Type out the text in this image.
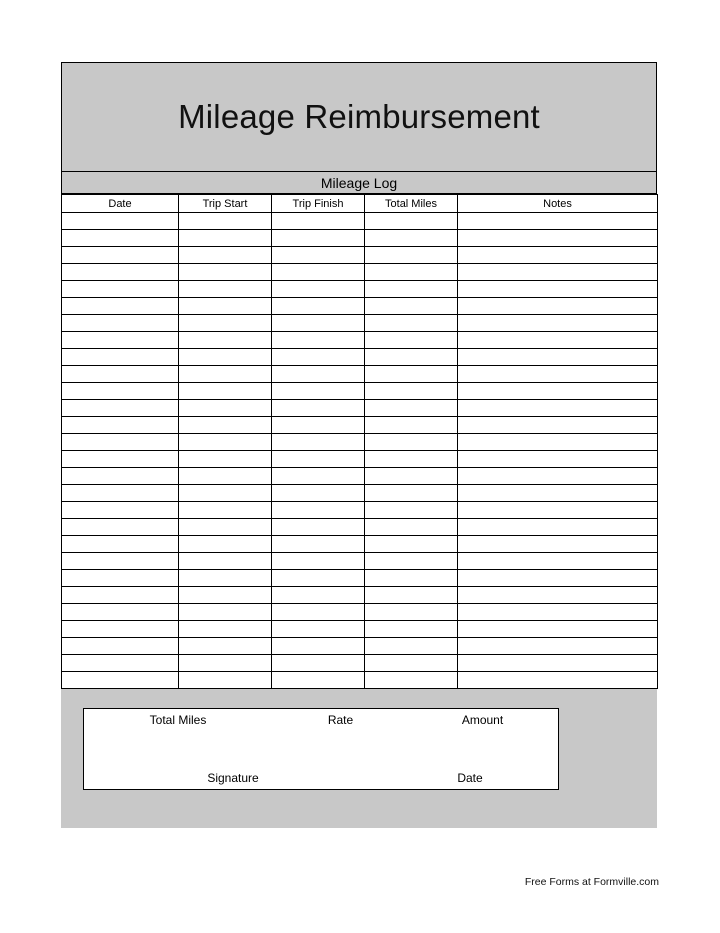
Mileage Reimbursement
Mileage Log
Date	Trip Start	Trip Finish	Total Miles	Notes

Total Miles	Rate	Amount
Signature	Date
Free Forms at Formville.com
